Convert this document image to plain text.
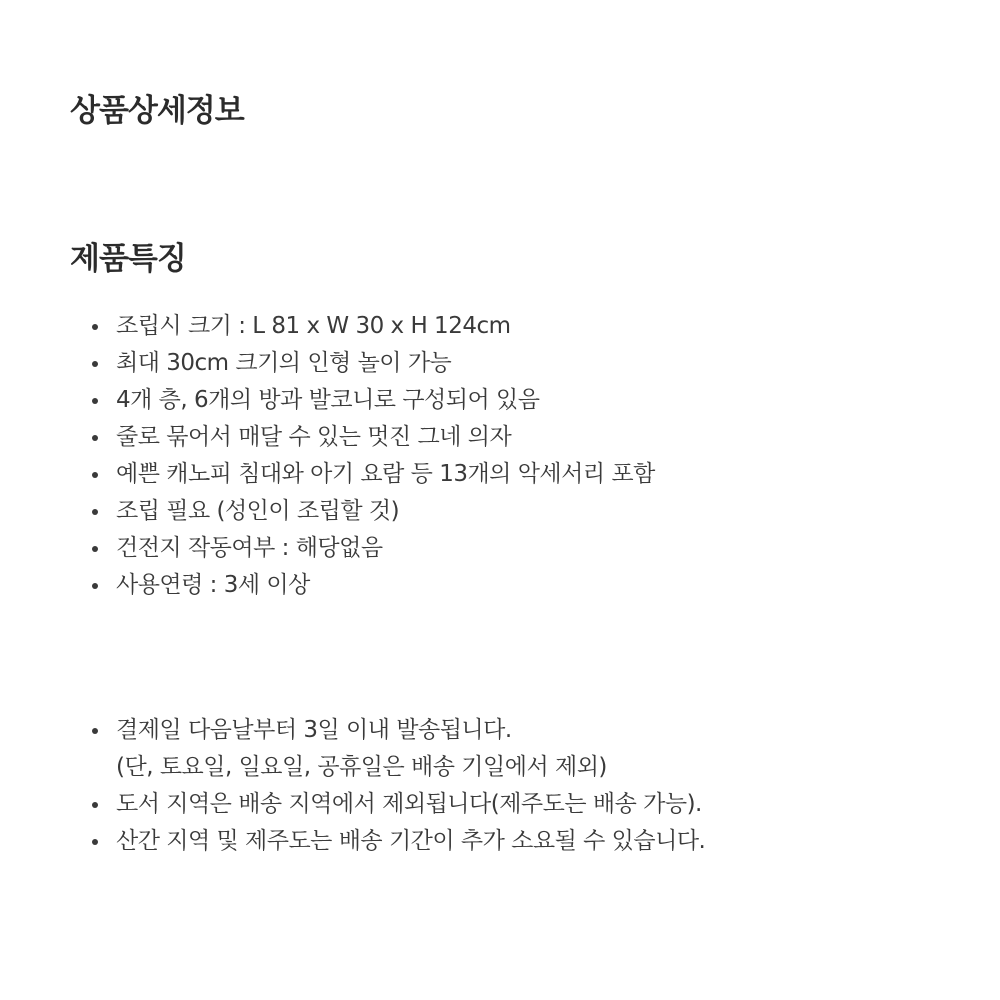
상품상세정보
제품특징
조립시 크기 : L 81 x W 30 x H 124cm
최대 30cm 크기의 인형 놀이 가능
4개 층, 6개의 방과 발코니로 구성되어 있음
줄로 묶어서 매달 수 있는 멋진 그네 의자
예쁜 캐노피 침대와 아기 요람 등 13개의 악세서리 포함
조립 필요 (성인이 조립할 것)
건전지 작동여부 : 해당없음
사용연령 : 3세 이상
결제일 다음날부터 3일 이내 발송됩니다.
(단, 토요일, 일요일, 공휴일은 배송 기일에서 제외)
도서 지역은 배송 지역에서 제외됩니다(제주도는 배송 가능).
산간 지역 및 제주도는 배송 기간이 추가 소요될 수 있습니다.
